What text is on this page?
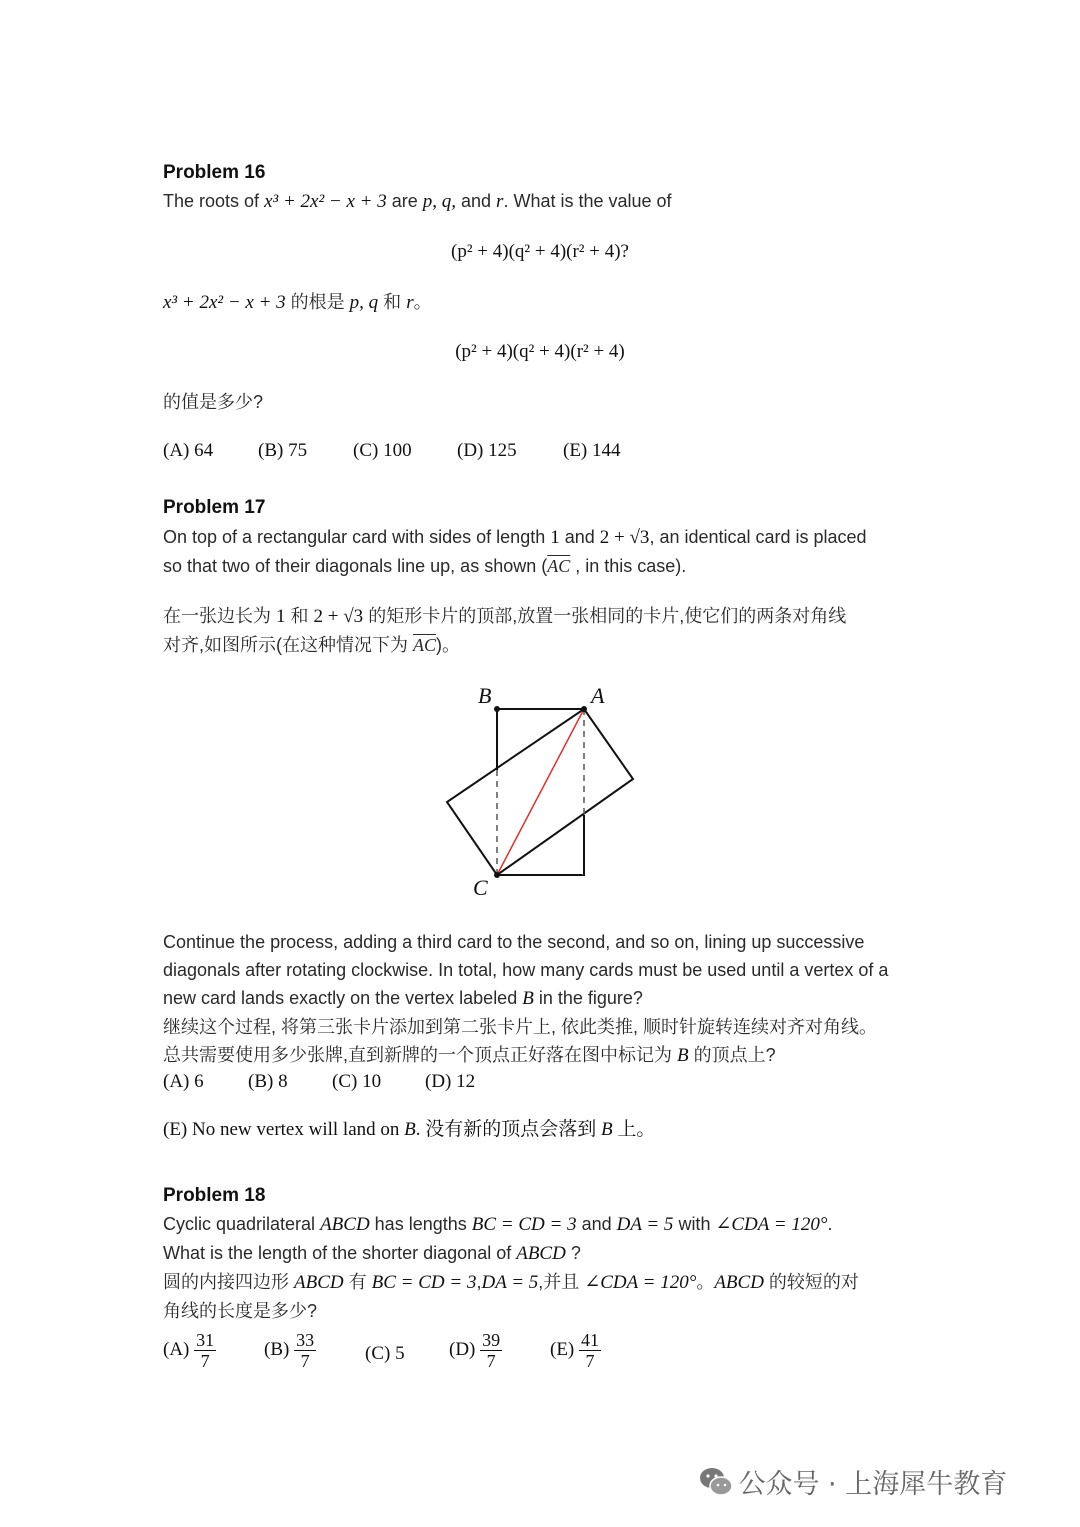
Problem 16
The roots of x³ + 2x² − x + 3 are p, q, and r. What is the value of
(p² + 4)(q² + 4)(r² + 4)?
x³ + 2x² − x + 3 的根是 p, q 和 r。
(p² + 4)(q² + 4)(r² + 4)
的值是多少?
(A) 64 (B) 75 (C) 100 (D) 125 (E) 144
Problem 17
On top of a rectangular card with sides of length 1 and 2 + √3, an identical card is placed
so that two of their diagonals line up, as shown ($\overline{AC}$ , in this case).
在一张边长为 1 和 2 + √3 的矩形卡片的顶部,放置一张相同的卡片,使它们的两条对角线
对齐,如图所示(在这种情况下为 $\overline{AC}$)。
B	A
C
Continue the process, adding a third card to the second, and so on, lining up successive
diagonals after rotating clockwise. In total, how many cards must be used until a vertex of a
new card lands exactly on the vertex labeled B in the figure?
继续这个过程, 将第三张卡片添加到第二张卡片上, 依此类推, 顺时针旋转连续对齐对角线。
总共需要使用多少张牌,直到新牌的一个顶点正好落在图中标记为 B 的顶点上?
(A) 6 (B) 8 (C) 10 (D) 12
(E) No new vertex will land on B. 没有新的顶点会落到 B 上。
Problem 18
Cyclic quadrilateral ABCD has lengths BC = CD = 3 and DA = 5 with ∠CDA = 120°.
What is the length of the shorter diagonal of ABCD ?
圆的内接四边形 ABCD 有 BC = CD = 3,DA = 5,并且 ∠CDA = 120°。ABCD 的较短的对
角线的长度是多少?
$(A) \frac{31}{7}$	$(B) \frac{33}{7}$	(C) 5 $(D) \frac{39}{7}$	$(E) \frac{41}{7}$
公众号 · 上海犀牛教育
